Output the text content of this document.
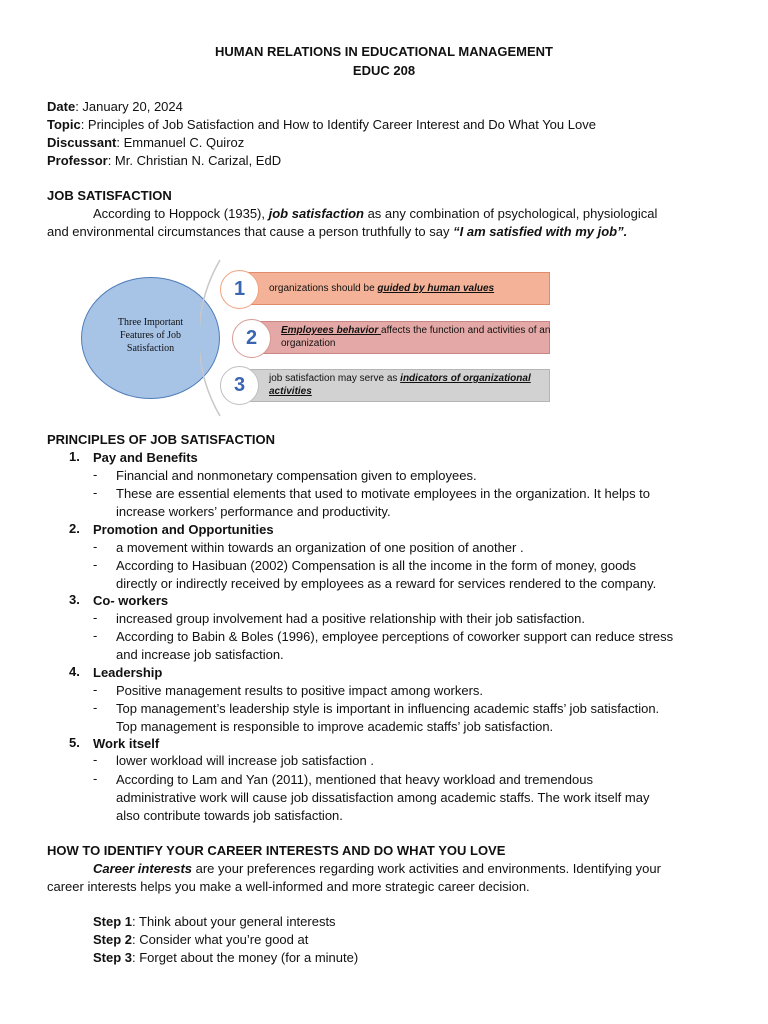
HUMAN RELATIONS IN EDUCATIONAL MANAGEMENT
EDUC 208
Date: January 20, 2024
Topic: Principles of Job Satisfaction and How to Identify Career Interest and Do What You Love
Discussant: Emmanuel C. Quiroz
Professor: Mr. Christian N. Carizal, EdD
JOB SATISFACTION
According to Hoppock (1935), job satisfaction as any combination of psychological, physiological
and environmental circumstances that cause a person truthfully to say “I am satisfied with my job”.
Three Important
Features of Job
Satisfaction
organizations should be guided by human values
Employees behavior affects the function and activities of an organization
job satisfaction may serve as indicators of organizational activities
1
2
3
PRINCIPLES OF JOB SATISFACTION
1. Pay and Benefits
- Financial and nonmonetary compensation given to employees.
- These are essential elements that used to motivate employees in the organization. It helps to
increase workers’ performance and productivity.
2. Promotion and Opportunities
- a movement within towards an organization of one position of another .
- According to Hasibuan (2002) Compensation is all the income in the form of money, goods
directly or indirectly received by employees as a reward for services rendered to the company.
3. Co- workers
- increased group involvement had a positive relationship with their job satisfaction.
- According to Babin & Boles (1996), employee perceptions of coworker support can reduce stress
and increase job satisfaction.
4. Leadership
- Positive management results to positive impact among workers.
- Top management’s leadership style is important in influencing academic staffs’ job satisfaction.
Top management is responsible to improve academic staffs’ job satisfaction.
5. Work itself
- lower workload will increase job satisfaction .
- According to Lam and Yan (2011), mentioned that heavy workload and tremendous
administrative work will cause job dissatisfaction among academic staffs. The work itself may
also contribute towards job satisfaction.
HOW TO IDENTIFY YOUR CAREER INTERESTS AND DO WHAT YOU LOVE
Career interests are your preferences regarding work activities and environments. Identifying your
career interests helps you make a well-informed and more strategic career decision.
Step 1: Think about your general interests
Step 2: Consider what you’re good at
Step 3: Forget about the money (for a minute)
